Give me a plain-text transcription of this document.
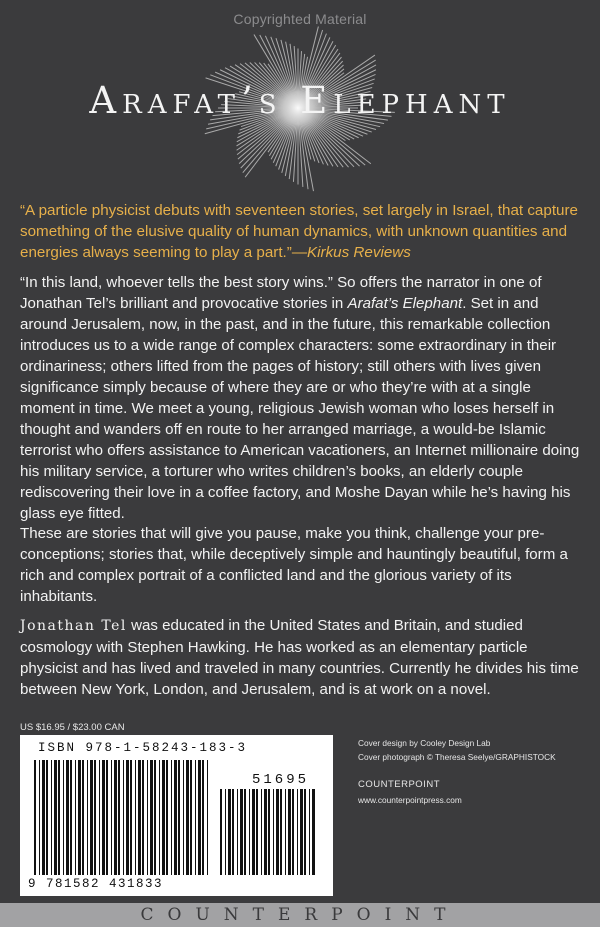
Copyrighted Material
Arafat’s Elephant
“A particle physicist debuts with seventeen stories, set largely in Israel, that capture something of the elusive quality of human dynamics, with unknown quantities and energies always seeming to play a part.”—Kirkus Reviews
“In this land, whoever tells the best story wins.” So offers the narrator in one of Jonathan Tel’s brilliant and provocative stories in Arafat’s Elephant. Set in and around Jerusalem, now, in the past, and in the future, this remarkable collection introduces us to a wide range of complex characters: some extraordinary in their ordinariness; others lifted from the pages of history; still others with lives given significance simply because of where they are or who they’re with at a single moment in time. We meet a young, religious Jewish woman who loses herself in thought and wanders off en route to her arranged marriage, a would-be Islamic terrorist who offers assistance to American vacationers, an Internet millionaire doing his military service, a torturer who writes children’s books, an elderly couple rediscovering their love in a coffee factory, and Moshe Dayan while he’s having his glass eye fitted.
These are stories that will give you pause, make you think, challenge your pre-conceptions; stories that, while deceptively simple and hauntingly beautiful, form a rich and complex portrait of a conflicted land and the glorious variety of its inhabitants.
Jonathan Tel was educated in the United States and Britain, and studied cosmology with Stephen Hawking. He has worked as an elementary particle physicist and has lived and traveled in many countries. Currently he divides his time between New York, London, and Jerusalem, and is at work on a novel.
US $16.95 / $23.00 CAN
ISBN 978-1-58243-183-3
51695
9 781582 431833
Cover design by Cooley Design Lab
Cover photograph © Theresa Seelye/GRAPHISTOCK
COUNTERPOINT
www.counterpointpress.com
COUNTERPOINT
